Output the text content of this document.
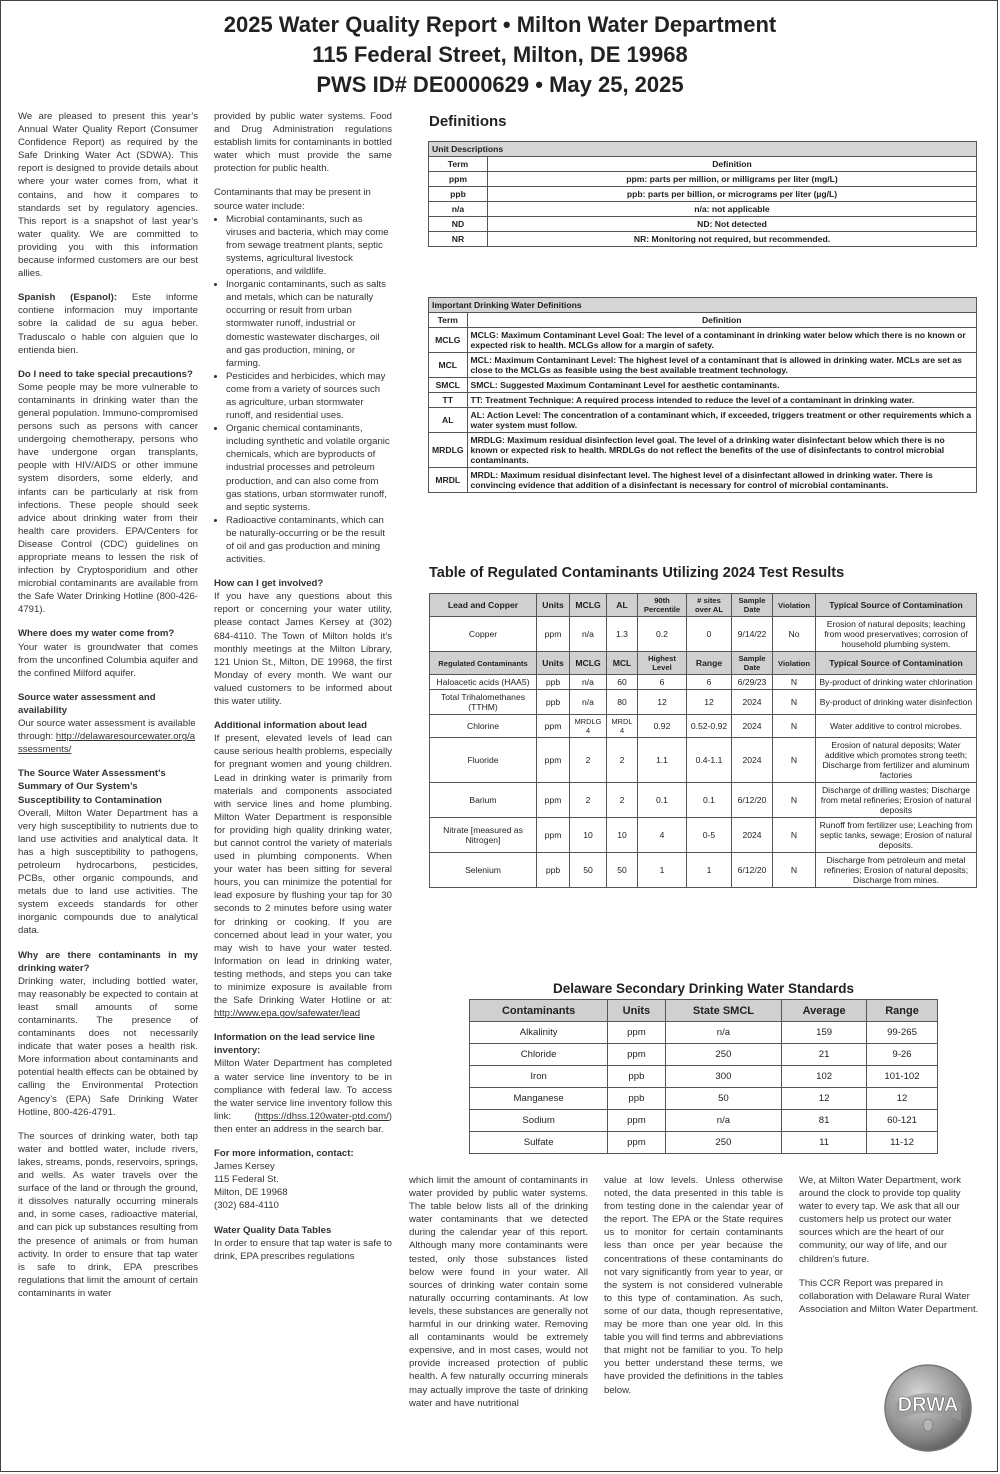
2025 Water Quality Report • Milton Water Department
115 Federal Street, Milton, DE 19968
PWS ID# DE0000629 • May 25, 2025

We are pleased to present this year’s Annual Water Quality Report (Consumer Confidence Report) as required by the Safe Drinking Water Act (SDWA). This report is designed to provide details about where your water comes from, what it contains, and how it compares to standards set by regulatory agencies. This report is a snapshot of last year’s water quality. We are committed to providing you with this information because informed customers are our best allies.

Spanish (Espanol): Este informe contiene informacion muy importante sobre la calidad de su agua beber. Traduscalo o hable con alguien que lo entienda bien.

Do I need to take special precautions?

Some people may be more vulnerable to contaminants in drinking water than the general population. Immuno-compromised persons such as persons with cancer undergoing chemotherapy, persons who have undergone organ transplants, people with HIV/AIDS or other immune system disorders, some elderly, and infants can be particularly at risk from infections. These people should seek advice about drinking water from their health care providers. EPA/Centers for Disease Control (CDC) guidelines on appropriate means to lessen the risk of infection by Cryptosporidium and other microbial contaminants are available from the Safe Water Drinking Hotline (800-426-4791).

Where does my water come from?

Your water is groundwater that comes from the unconfined Columbia aquifer and the confined Milford aquifer.

Source water assessment and availability

Our source water assessment is available through: http://delawaresourcewater.org/assessments/

The Source Water Assessment’s Summary of Our System’s Susceptibility to Contamination

Overall, Milton Water Department has a very high susceptibility to nutrients due to land use activities and analytical data. It has a high susceptibility to pathogens, petroleum hydrocarbons, pesticides, PCBs, other organic compounds, and metals due to land use activities. The system exceeds standards for other inorganic compounds due to analytical data.

Why are there contaminants in my drinking water?

Drinking water, including bottled water, may reasonably be expected to contain at least small amounts of some contaminants. The presence of contaminants does not necessarily indicate that water poses a health risk. More information about contaminants and potential health effects can be obtained by calling the Environmental Protection Agency’s (EPA) Safe Drinking Water Hotline, 800-426-4791.

The sources of drinking water, both tap water and bottled water, include rivers, lakes, streams, ponds, reservoirs, springs, and wells. As water travels over the surface of the land or through the ground, it dissolves naturally occurring minerals and, in some cases, radioactive material, and can pick up substances resulting from the presence of animals or from human activity. In order to ensure that tap water is safe to drink, EPA prescribes regulations that limit the amount of certain contaminants in water

provided by public water systems. Food and Drug Administration regulations establish limits for contaminants in bottled water which must provide the same protection for public health.

Contaminants that may be present in source water include:
• Microbial contaminants, such as viruses and bacteria, which may come from sewage treatment plants, septic systems, agricultural livestock operations, and wildlife.
• Inorganic contaminants, such as salts and metals, which can be naturally occurring or result from urban stormwater runoff, industrial or domestic wastewater discharges, oil and gas production, mining, or farming.
• Pesticides and herbicides, which may come from a variety of sources such as agriculture, urban stormwater runoff, and residential uses.
• Organic chemical contaminants, including synthetic and volatile organic chemicals, which are byproducts of industrial processes and petroleum production, and can also come from gas stations, urban stormwater runoff, and septic systems.
• Radioactive contaminants, which can be naturally-occurring or be the result of oil and gas production and mining activities.
How can I get involved?

If you have any questions about this report or concerning your water utility, please contact James Kersey at (302) 684-4110. The Town of Milton holds it’s monthly meetings at the Milton Library, 121 Union St., Milton, DE 19968, the first Monday of every month. We want our valued customers to be informed about this water utility.

Additional information about lead

If present, elevated levels of lead can cause serious health problems, especially for pregnant women and young children. Lead in drinking water is primarily from materials and components associated with service lines and home plumbing. Milton Water Department is responsible for providing high quality drinking water, but cannot control the variety of materials used in plumbing components. When your water has been sitting for several hours, you can minimize the potential for lead exposure by flushing your tap for 30 seconds to 2 minutes before using water for drinking or cooking. If you are concerned about lead in your water, you may wish to have your water tested. Information on lead in drinking water, testing methods, and steps you can take to minimize exposure is available from the Safe Drinking Water Hotline or at: http://www.epa.gov/safewater/lead

Information on the lead service line inventory:

Milton Water Department has completed a water service line inventory to be in compliance with federal law. To access the water service line inventory follow this link: (https://dhss.120water-ptd.com/) then enter an address in the search bar.

For more information, contact:
James Kersey
115 Federal St.
Milton, DE 19968

(302) 684-4110

Water Quality Data Tables

In order to ensure that tap water is safe to drink, EPA prescribes regulations

Definitions
Unit Descriptions	
Term	Definition
ppm	ppm: parts per million, or milligrams per liter (mg/L)
ppb	ppb: parts per billion, or micrograms per liter (µg/L)
n/a	n/a: not applicable
ND	ND: Not detected
NR	NR: Monitoring not required, but recommended.
Important Drinking Water Definitions	
Term	Definition
MCLG	MCLG: Maximum Contaminant Level Goal: The level of a contaminant in drinking water below which there is no known or expected risk to health. MCLGs allow for a margin of safety.
MCL	MCL: Maximum Contaminant Level: The highest level of a contaminant that is allowed in drinking water. MCLs are set as close to the MCLGs as feasible using the best available treatment technology.
SMCL	SMCL: Suggested Maximum Contaminant Level for aesthetic contaminants.
TT	TT: Treatment Technique: A required process intended to reduce the level of a contaminant in drinking water.
AL	AL: Action Level: The concentration of a contaminant which, if exceeded, triggers treatment or other requirements which a water system must follow.
MRDLG	MRDLG: Maximum residual disinfection level goal. The level of a drinking water disinfectant below which there is no known or expected risk to health. MRDLGs do not reflect the benefits of the use of disinfectants to control microbial contaminants.
MRDL	MRDL: Maximum residual disinfectant level. The highest level of a disinfectant allowed in drinking water. There is convincing evidence that addition of a disinfectant is necessary for control of microbial contaminants.
Table of Regulated Contaminants Utilizing 2024 Test Results
Lead and Copper	Units	MCLG	AL	90th Percentile	# sites over AL	Sample Date	Violation	Typical Source of Contamination
Copper	ppm	n/a	1.3	0.2	0	9/14/22	No	Erosion of natural deposits; leaching from wood preservatives; corrosion of household plumbing system.
Regulated Contaminants	Units	MCLG	MCL	Highest Level	Range	Sample Date	Violation	Typical Source of Contamination
Haloacetic acids (HAA5)	ppb	n/a	60	6	6	6/29/23	N	By-product of drinking water chlorination
Total Trihalomethanes (TTHM)	ppb	n/a	80	12	12	2024	N	By-product of drinking water disinfection
Chlorine	ppm	MRDLG 4	MRDL 4	0.92	0.52-0.92	2024	N	Water additive to control microbes.
Fluoride	ppm	2	2	1.1	0.4-1.1	2024	N	Erosion of natural deposits; Water additive which promotes strong teeth; Discharge from fertilizer and aluminum factories
Barium	ppm	2	2	0.1	0.1	6/12/20	N	Discharge of drilling wastes; Discharge from metal refineries; Erosion of natural deposits
Nitrate [measured as Nitrogen]	ppm	10	10	4	0-5	2024	N	Runoff from fertilizer use; Leaching from septic tanks, sewage; Erosion of natural deposits.
Selenium	ppb	50	50	1	1	6/12/20	N	Discharge from petroleum and metal refineries; Erosion of natural deposits; Discharge from mines.
Delaware Secondary Drinking Water Standards
Contaminants	Units	State SMCL	Average	Range
Alkalinity	ppm	n/a	159	99-265
Chloride	ppm	250	21	9-26
Iron	ppb	300	102	101-102
Manganese	ppb	50	12	12
Sodium	ppm	n/a	81	60-121
Sulfate	ppm	250	11	11-12

which limit the amount of contaminants in water provided by public water systems. The table below lists all of the drinking water contaminants that we detected during the calendar year of this report. Although many more contaminants were tested, only those substances listed below were found in your water. All sources of drinking water contain some naturally occurring contaminants. At low levels, these substances are generally not harmful in our drinking water. Removing all contaminants would be extremely expensive, and in most cases, would not provide increased protection of public health. A few naturally occurring minerals may actually improve the taste of drinking water and have nutritional

value at low levels. Unless otherwise noted, the data presented in this table is from testing done in the calendar year of the report. The EPA or the State requires us to monitor for certain contaminants less than once per year because the concentrations of these contaminants do not vary significantly from year to year, or the system is not considered vulnerable to this type of contamination. As such, some of our data, though representative, may be more than one year old. In this table you will find terms and abbreviations that might not be familiar to you. To help you better understand these terms, we have provided the definitions in the tables below.

We, at Milton Water Department, work around the clock to provide top quality water to every tap. We ask that all our customers help us protect our water sources which are the heart of our community, our way of life, and our children’s future.

This CCR Report was prepared in collaboration with Delaware Rural Water Association and Milton Water Department.

DRWA
